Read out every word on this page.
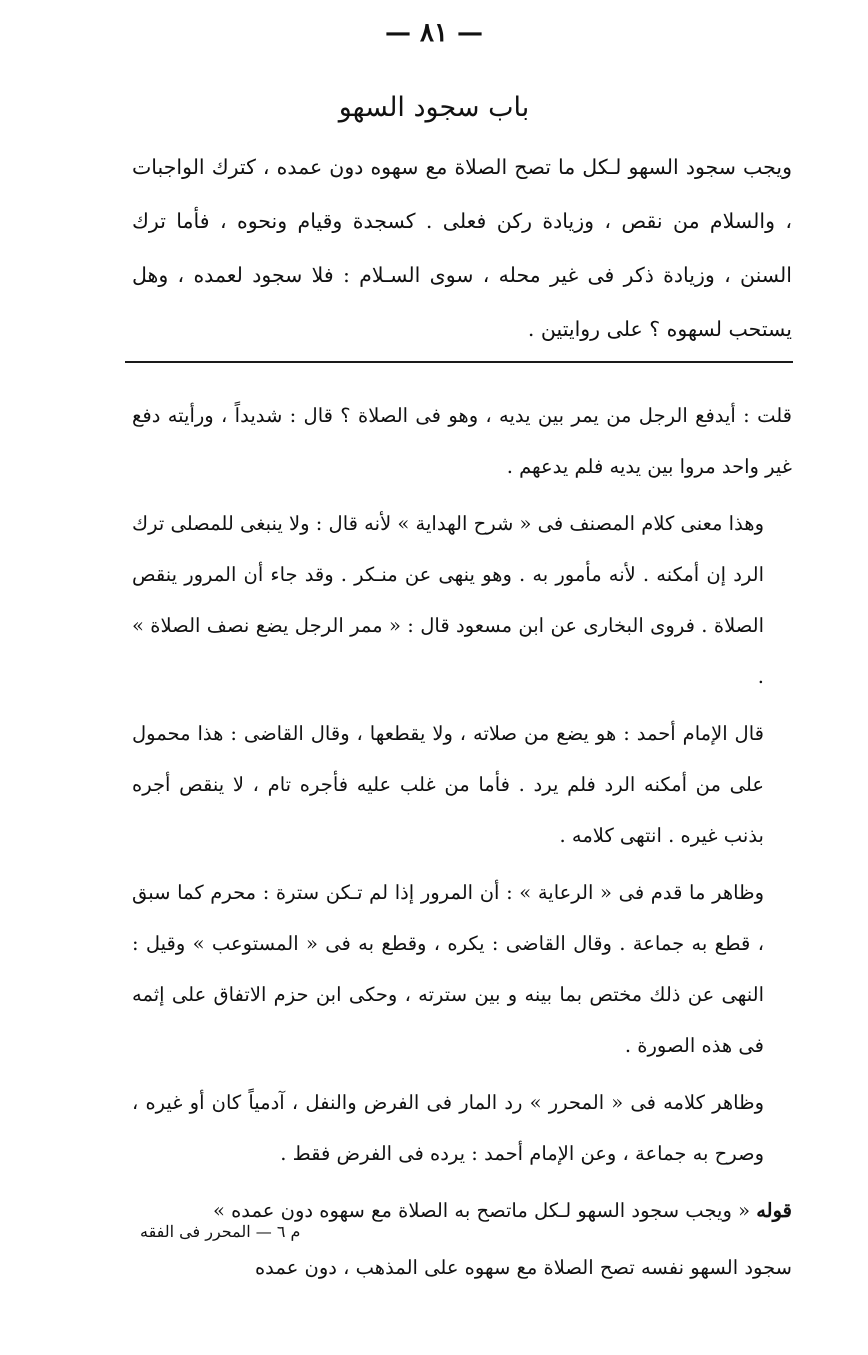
— ٨١ —
باب سجود السهو

ويجب سجود السهو لـكل ما تصح الصلاة مع سهوه دون عمده ، كترك الواجبات ، والسلام من نقص ، وزيادة ركن فعلى . كسجدة وقيام ونحوه ، فأما ترك السنن ، وزيادة ذكر فى غير محله ، سوى السـلام : فلا سجود لعمده ، وهل يستحب لسهوه ؟ على روايتين .

قلت : أيدفع الرجل من يمر بين يديه ، وهو فى الصلاة ؟ قال : شديداً ، ورأيته دفع غير واحد مروا بين يديه فلم يدعهم .

وهذا معنى كلام المصنف فى « شرح الهداية » لأنه قال : ولا ينبغى للمصلى ترك الرد إن أمكنه . لأنه مأمور به . وهو ينهى عن منـكر . وقد جاء أن المرور ينقص الصلاة . فروى البخارى عن ابن مسعود قال : « ممر الرجل يضع نصف الصلاة » .

قال الإمام أحمد : هو يضع من صلاته ، ولا يقطعها ، وقال القاضى : هذا محمول على من أمكنه الرد فلم يرد . فأما من غلب عليه فأجره تام ، لا ينقص أجره بذنب غيره . انتهى كلامه .

وظاهر ما قدم فى « الرعاية » : أن المرور إذا لم تـكن سترة : محرم كما سبق ، قطع به جماعة . وقال القاضى : يكره ، وقطع به فى « المستوعب » وقيل : النهى عن ذلك مختص بما بينه و بين سترته ، وحكى ابن حزم الاتفاق على إثمه فى هذه الصورة .

وظاهر كلامه فى « المحرر » رد المار فى الفرض والنفل ، آدمياً كان أو غيره ، وصرح به جماعة ، وعن الإمام أحمد : يرده فى الفرض فقط .

قوله « ويجب سجود السهو لـكل ماتصح به الصلاة مع سهوه دون عمده »

سجود السهو نفسه تصح الصلاة مع سهوه على المذهب ، دون عمده

م ٦ — المحرر فى الفقه
